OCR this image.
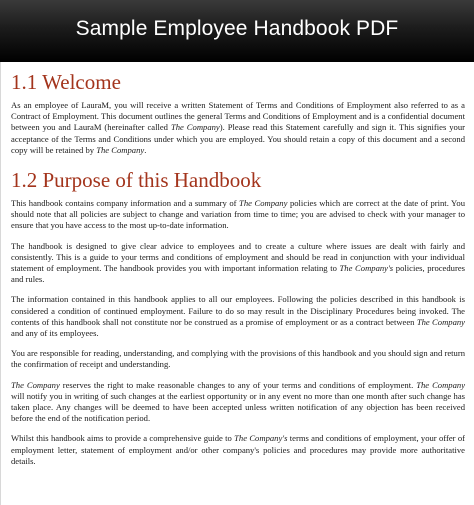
Sample Employee Handbook PDF
1.1 Welcome

As an employee of LauraM, you will receive a written Statement of Terms and Conditions of Employment also referred to as a Contract of Employment. This document outlines the general Terms and Conditions of Employment and is a confidential document between you and LauraM (hereinafter called The Company). Please read this Statement carefully and sign it. This signifies your acceptance of the Terms and Conditions under which you are employed. You should retain a copy of this document and a second copy will be retained by The Company.

1.2 Purpose of this Handbook

This handbook contains company information and a summary of The Company policies which are correct at the date of print. You should note that all policies are subject to change and variation from time to time; you are advised to check with your manager to ensure that you have access to the most up-to-date information.

The handbook is designed to give clear advice to employees and to create a culture where issues are dealt with fairly and consistently. This is a guide to your terms and conditions of employment and should be read in conjunction with your individual statement of employment. The handbook provides you with important information relating to The Company's policies, procedures and rules.

The information contained in this handbook applies to all our employees. Following the policies described in this handbook is considered a condition of continued employment. Failure to do so may result in the Disciplinary Procedures being invoked. The contents of this handbook shall not constitute nor be construed as a promise of employment or as a contract between The Company and any of its employees.

You are responsible for reading, understanding, and complying with the provisions of this handbook and you should sign and return the confirmation of receipt and understanding.

The Company reserves the right to make reasonable changes to any of your terms and conditions of employment. The Company will notify you in writing of such changes at the earliest opportunity or in any event no more than one month after such change has taken place. Any changes will be deemed to have been accepted unless written notification of any objection has been received before the end of the notification period.

Whilst this handbook aims to provide a comprehensive guide to The Company's terms and conditions of employment, your offer of employment letter, statement of employment and/or other company's policies and procedures may provide more authoritative details.
